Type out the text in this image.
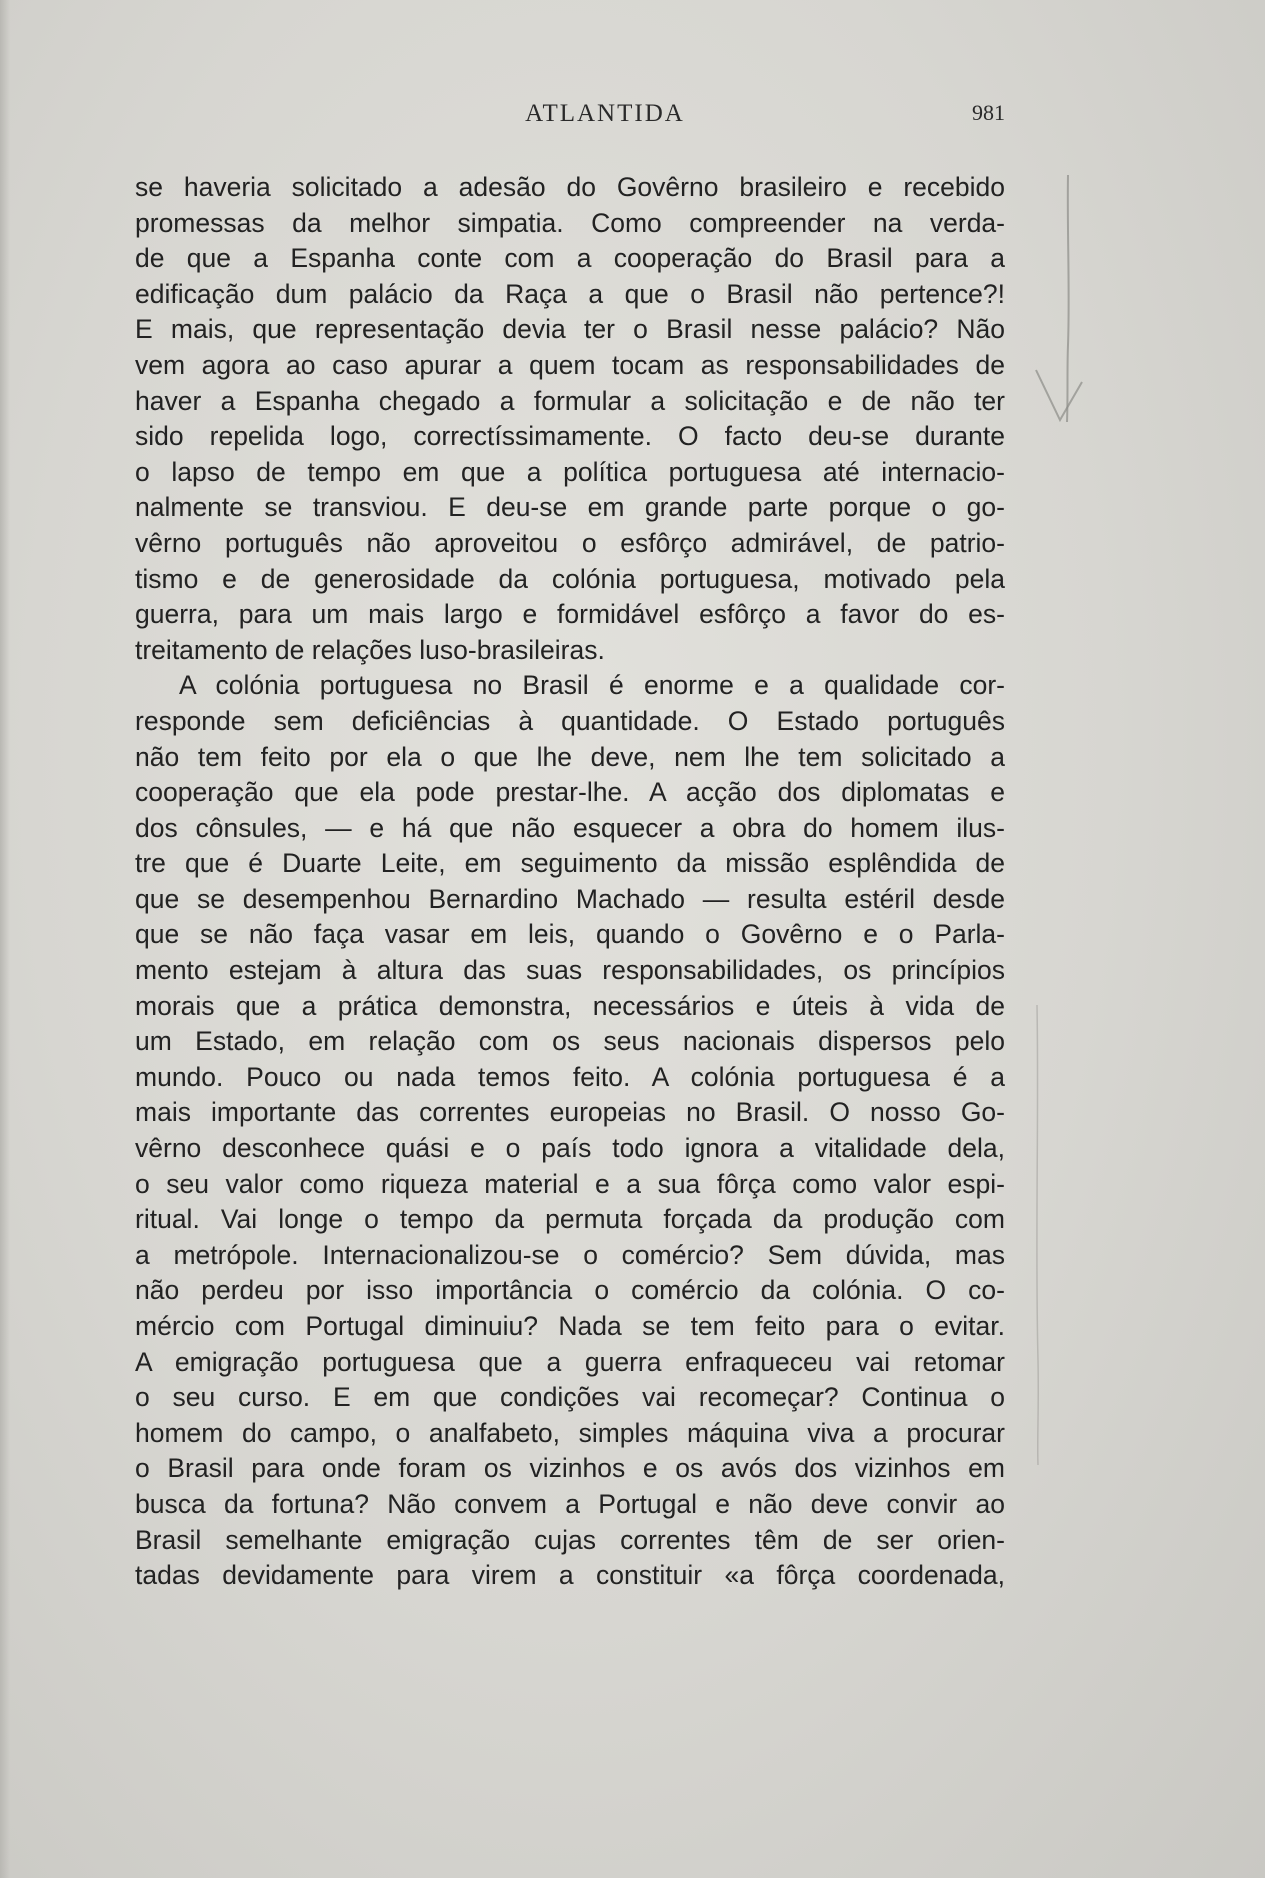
ATLANTIDA	981
se haveria solicitado a adesão do Govêrno brasileiro e recebido
promessas da melhor simpatia. Como compreender na verda-
de que a Espanha conte com a cooperação do Brasil para a
edificação dum palácio da Raça a que o Brasil não pertence?!
E mais, que representação devia ter o Brasil nesse palácio? Não
vem agora ao caso apurar a quem tocam as responsabilidades de
haver a Espanha chegado a formular a solicitação e de não ter
sido repelida logo, correctíssimamente. O facto deu-se durante
o lapso de tempo em que a política portuguesa até internacio-
nalmente se transviou. E deu-se em grande parte porque o go-
vêrno português não aproveitou o esfôrço admirável, de patrio-
tismo e de generosidade da colónia portuguesa, motivado pela
guerra, para um mais largo e formidável esfôrço a favor do es-
treitamento de relações luso-brasileiras.
A colónia portuguesa no Brasil é enorme e a qualidade cor-
responde sem deficiências à quantidade. O Estado português
não tem feito por ela o que lhe deve, nem lhe tem solicitado a
cooperação que ela pode prestar-lhe. A acção dos diplomatas e
dos cônsules, — e há que não esquecer a obra do homem ilus-
tre que é Duarte Leite, em seguimento da missão esplêndida de
que se desempenhou Bernardino Machado — resulta estéril desde
que se não faça vasar em leis, quando o Govêrno e o Parla-
mento estejam à altura das suas responsabilidades, os princípios
morais que a prática demonstra, necessários e úteis à vida de
um Estado, em relação com os seus nacionais dispersos pelo
mundo. Pouco ou nada temos feito. A colónia portuguesa é a
mais importante das correntes europeias no Brasil. O nosso Go-
vêrno desconhece quási e o país todo ignora a vitalidade dela,
o seu valor como riqueza material e a sua fôrça como valor espi-
ritual. Vai longe o tempo da permuta forçada da produção com
a metrópole. Internacionalizou-se o comércio? Sem dúvida, mas
não perdeu por isso importância o comércio da colónia. O co-
mércio com Portugal diminuiu? Nada se tem feito para o evitar.
A emigração portuguesa que a guerra enfraqueceu vai retomar
o seu curso. E em que condições vai recomeçar? Continua o
homem do campo, o analfabeto, simples máquina viva a procurar
o Brasil para onde foram os vizinhos e os avós dos vizinhos em
busca da fortuna? Não convem a Portugal e não deve convir ao
Brasil semelhante emigração cujas correntes têm de ser orien-
tadas devidamente para virem a constituir «a fôrça coordenada,
